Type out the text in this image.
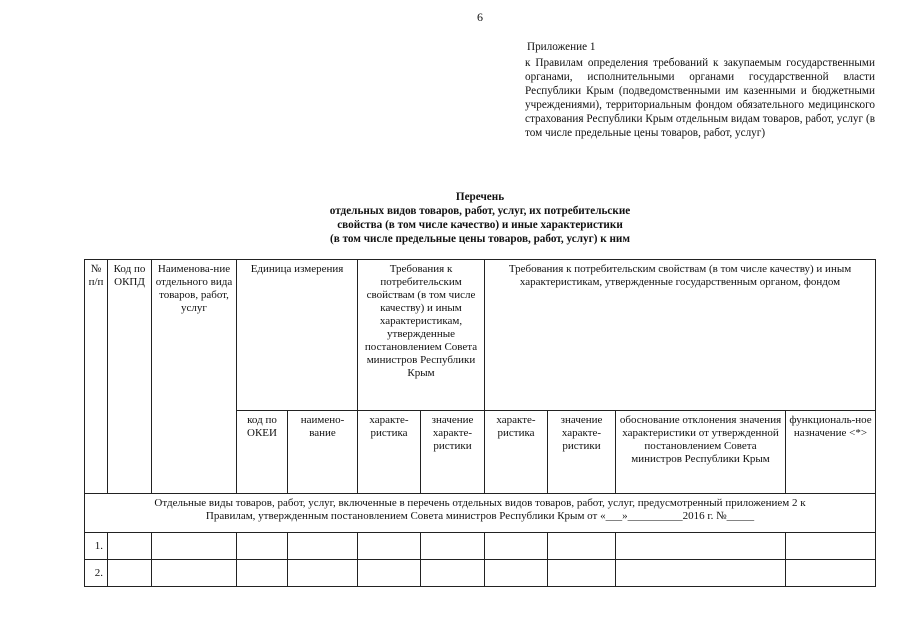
6
Приложение 1
к Правилам определения требований к закупаемым государственными органами, исполнительными органами государственной власти Республики Крым (подведомственными им казенными и бюджетными учреждениями), территориальным фондом обязательного медицинского страхования Республики Крым отдельным видам товаров, работ, услуг (в том числе предельные цены товаров, работ, услуг)
Перечень
отдельных видов товаров, работ, услуг, их потребительские
свойства (в том числе качество) и иные характеристики
(в том числе предельные цены товаров, работ, услуг) к ним
№ п/п	Код по ОКПД	Наименова-ние отдельного вида товаров, работ, услуг	Единица измерения		Требования к потребительским свойствам (в том числе качеству) и иным характеристикам, утвержденные постановлением Совета министров Республики Крым		Требования к потребительским свойствам (в том числе качеству) и иным характеристикам, утвержденные государственным органом, фондом			
			код по ОКЕИ	наимено-вание	характе-ристика	значение характе-ристики	характе-ристика	значение характе-ристики	обоснование отклонения значения характеристики от утвержденной постановлением Совета министров Республики Крым	функциональ-ное назначение <*>

Отдельные виды товаров, работ, услуг, включенные в перечень отдельных видов товаров, работ, услуг, предусмотренный приложением 2 к
Правилам, утвержденным постановлением Совета министров Республики Крым от «___»__________2016 г. №_____										

1.										
2.										
